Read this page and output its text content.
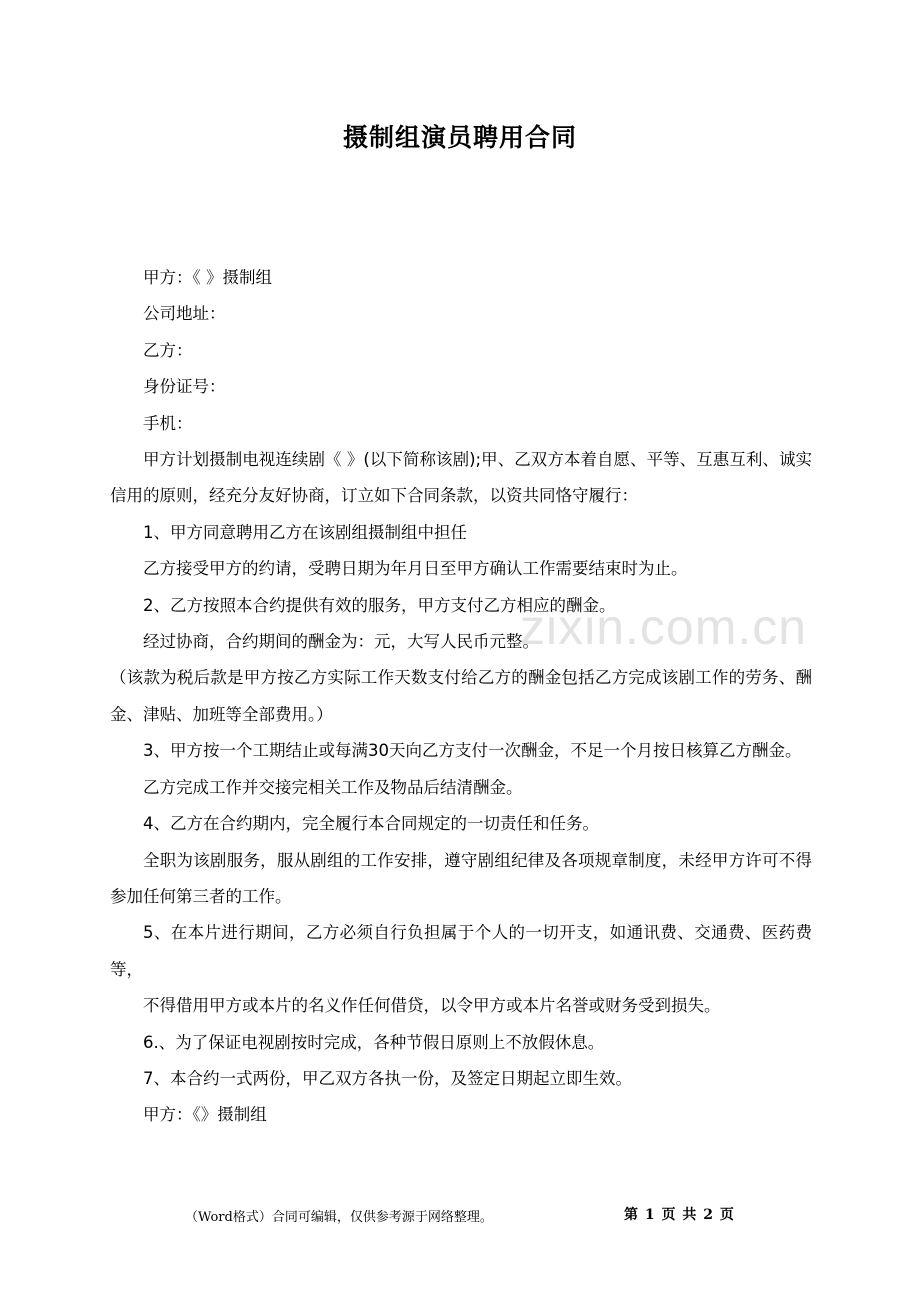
摄制组演员聘用合同
zixin.com.cn

甲方：《 》摄制组

公司地址：

乙方：

身份证号：

手机：

甲方计划摄制电视连续剧《 》(以下简称该剧);甲、乙双方本着自愿、平等、互惠互利、诚实信用的原则，经充分友好协商，订立如下合同条款，以资共同恪守履行：

1、甲方同意聘用乙方在该剧组摄制组中担任

乙方接受甲方的约请，受聘日期为年月日至甲方确认工作需要结束时为止。

2、乙方按照本合约提供有效的服务，甲方支付乙方相应的酬金。

经过协商，合约期间的酬金为：元，大写人民币元整。

（该款为税后款是甲方按乙方实际工作天数支付给乙方的酬金包括乙方完成该剧工作的劳务、酬金、津贴、加班等全部费用。）

3、甲方按一个工期结止或每满30天向乙方支付一次酬金，不足一个月按日核算乙方酬金。

乙方完成工作并交接完相关工作及物品后结清酬金。

4、乙方在合约期内，完全履行本合同规定的一切责任和任务。

全职为该剧服务，服从剧组的工作安排，遵守剧组纪律及各项规章制度，未经甲方许可不得参加任何第三者的工作。

5、在本片进行期间，乙方必须自行负担属于个人的一切开支，如通讯费、交通费、医药费等，

不得借用甲方或本片的名义作任何借贷，以令甲方或本片名誉或财务受到损失。

6.、为了保证电视剧按时完成，各种节假日原则上不放假休息。

7、本合约一式两份，甲乙双方各执一份，及签定日期起立即生效。

甲方：《》摄制组

（Word格式）合同可编辑，仅供参考源于网络整理。	第 1 页 共 2 页
